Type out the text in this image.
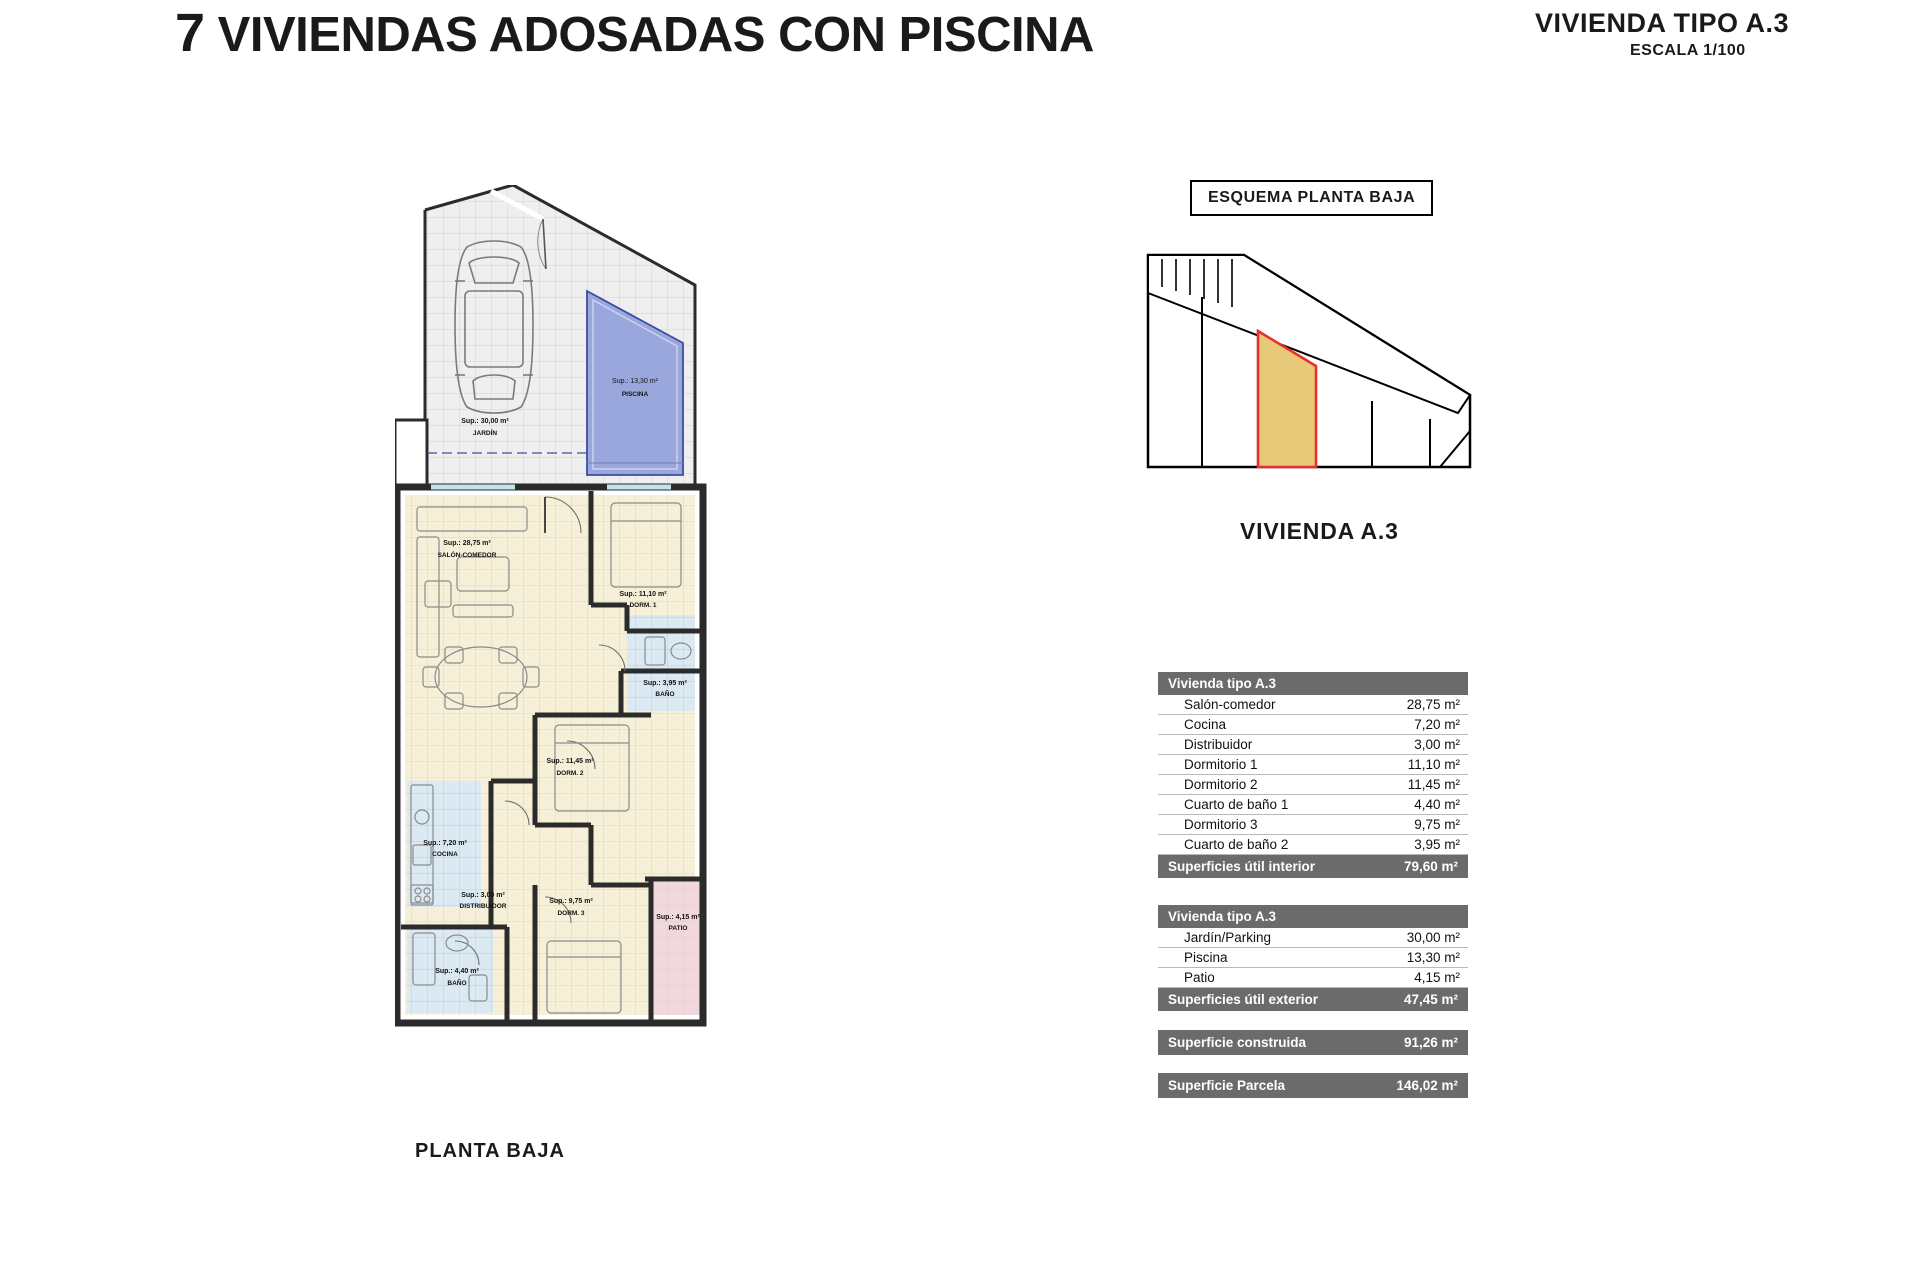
7 VIVIENDAS ADOSADAS CON PISCINA	VIVIENDA TIPO A.3
ESCALA 1/100
Sup.: 13,30 m²
PISCINA
Sup.: 30,00 m²
JARDÍN
Sup.: 28,75 m²
SALÓN-COMEDOR
Sup.: 11,10 m²
DORM. 1
Sup.: 3,95 m²
BAÑO
Sup.: 11,45 m²
DORM. 2
Sup.: 7,20 m²
COCINA
Sup.: 3,00 m²
DISTRIBUIDOR
Sup.: 9,75 m²
DORM. 3
Sup.: 4,40 m²
BAÑO
Sup.: 4,15 m²
PATIO
PLANTA BAJA
ESQUEMA PLANTA BAJA
VIVIENDA A.3
Vivienda tipo A.3	
Salón-comedor	28,75 m²
Cocina	7,20 m²
Distribuidor	3,00 m²
Dormitorio 1	11,10 m²
Dormitorio 2	11,45 m²
Cuarto de baño 1	4,40 m²
Dormitorio 3	9,75 m²
Cuarto de baño 2	3,95 m²
Superficies útil interior	79,60 m²
Vivienda tipo A.3	
Jardín/Parking	30,00 m²
Piscina	13,30 m²
Patio	4,15 m²
Superficies útil exterior	47,45 m²
Superficie construida	91,26 m²
Superficie Parcela	146,02 m²
